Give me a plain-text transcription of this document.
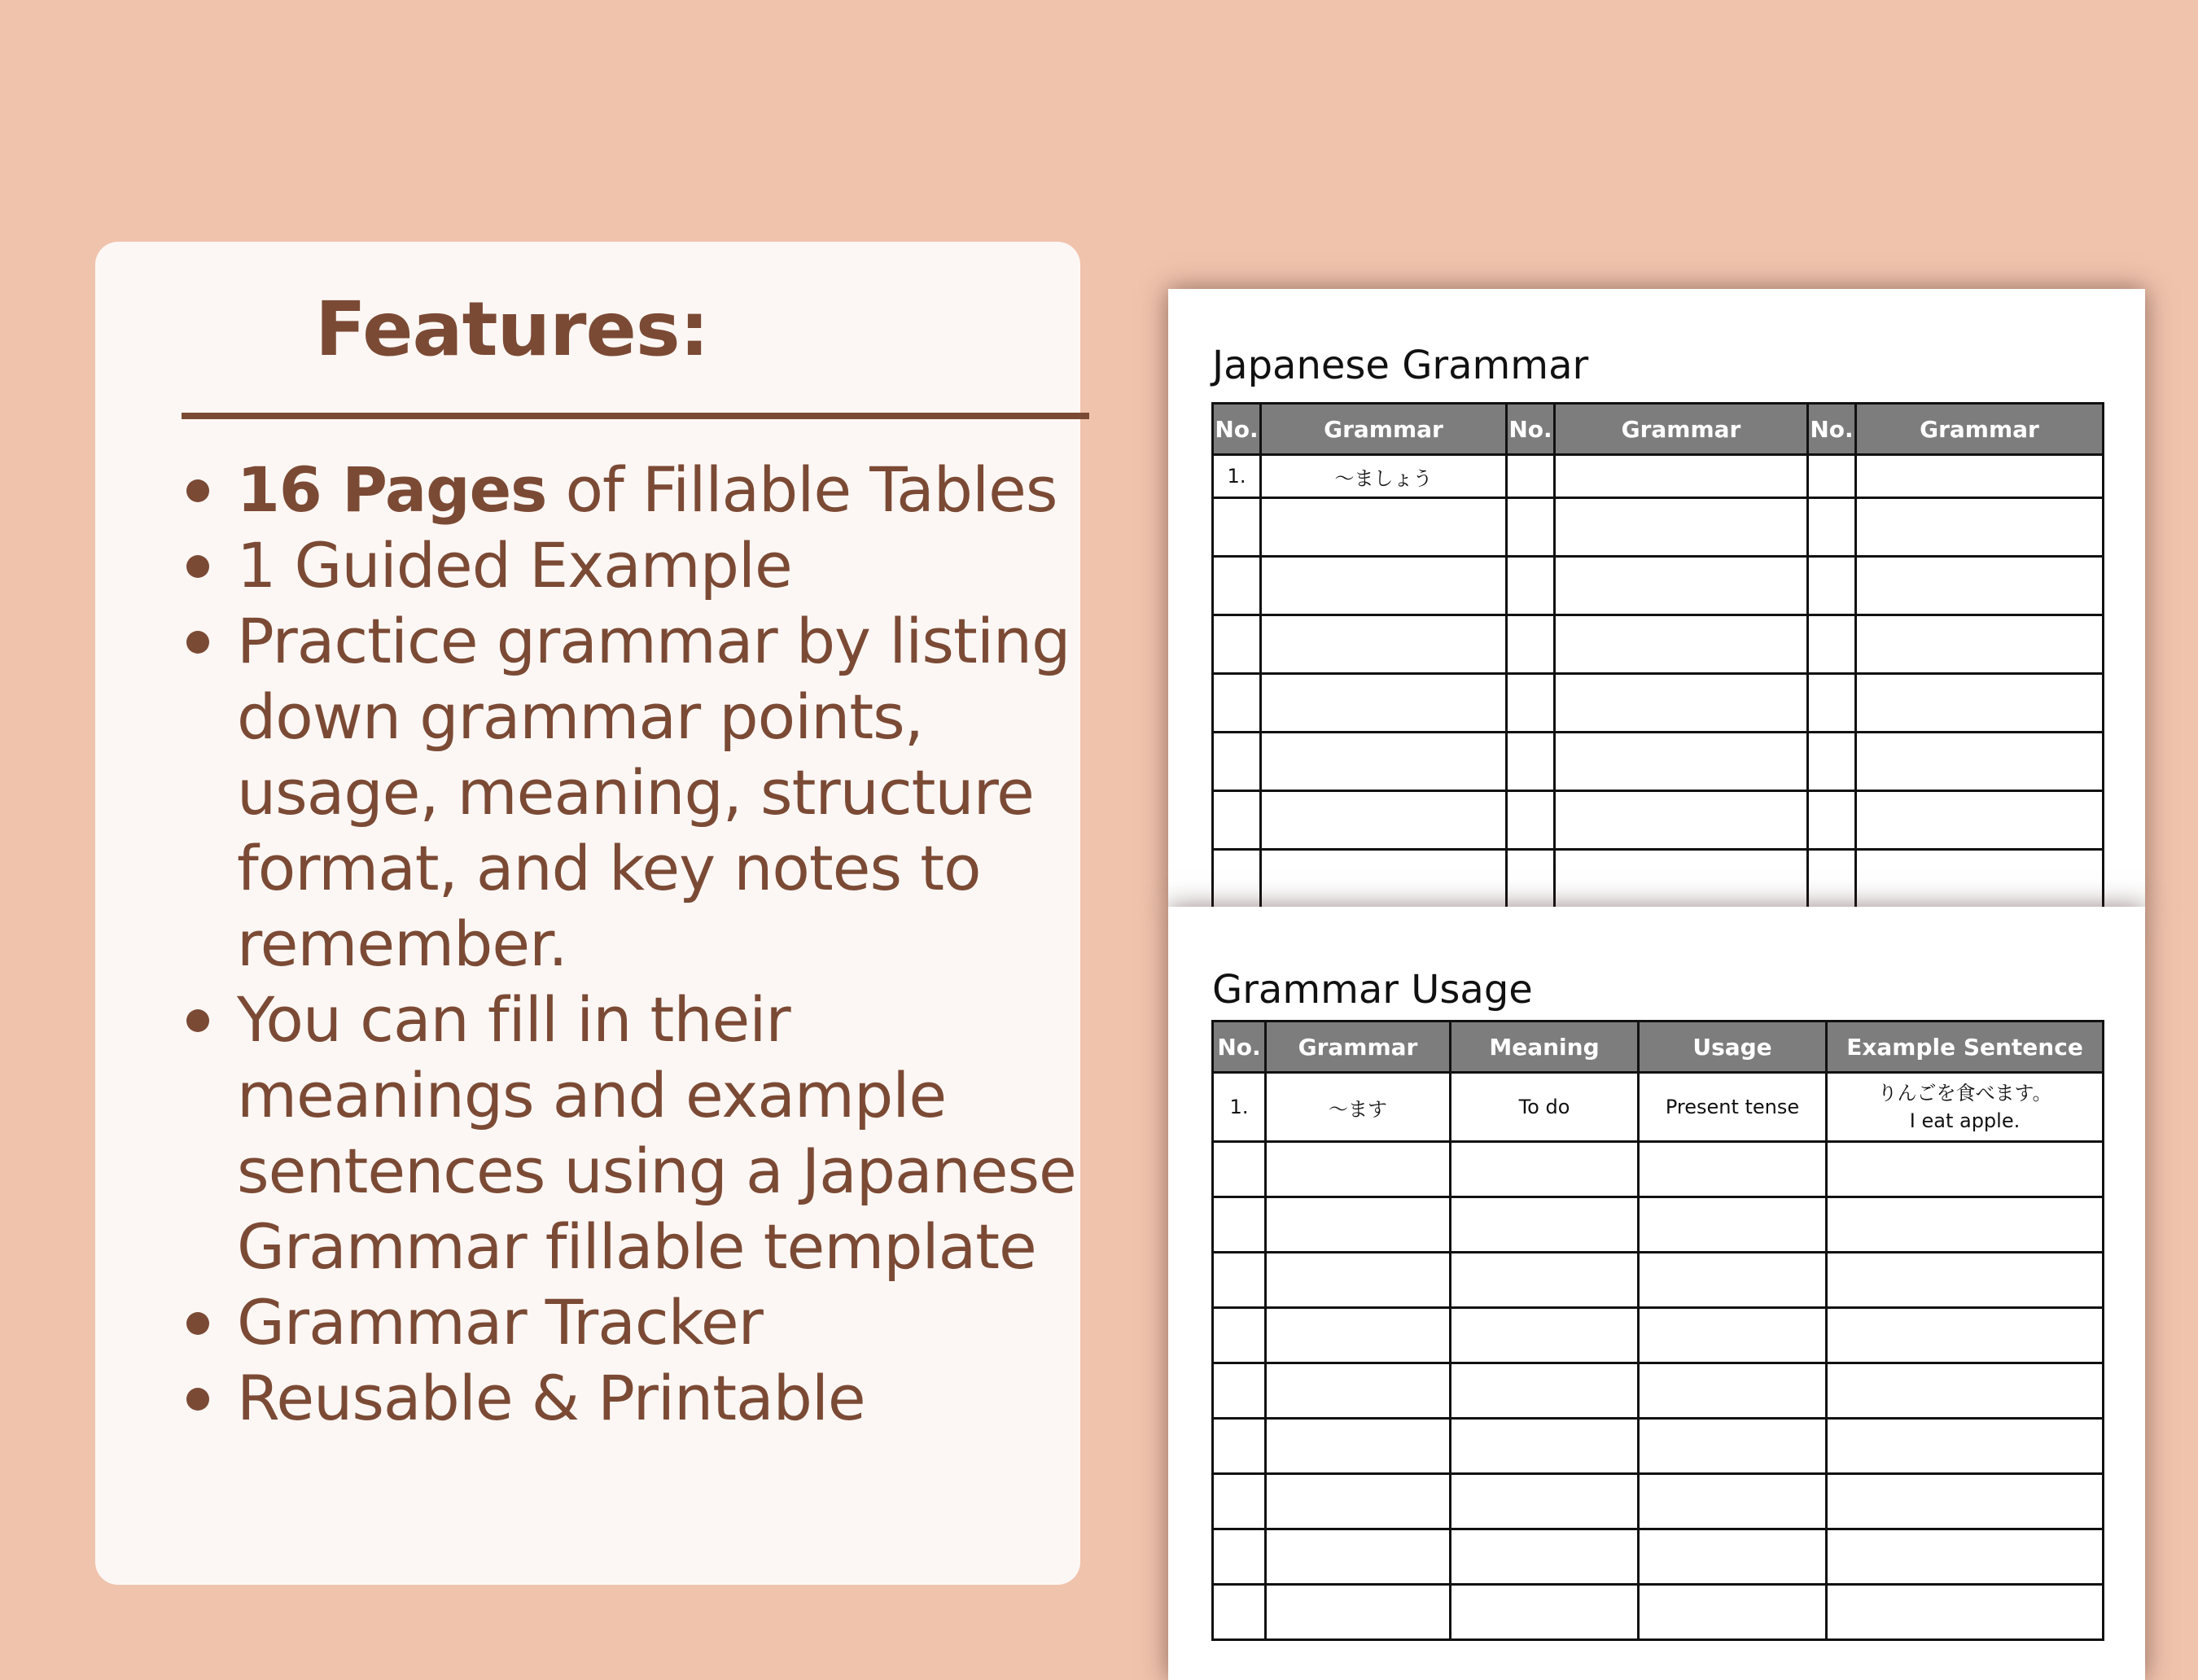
Features:
16 Pages of Fillable Tables
1 Guided Example
Practice grammar by listing down grammar points, usage, meaning, structure format, and key notes to remember.
You can fill in their meanings and example sentences using a Japanese Grammar fillable template
Grammar Tracker
Reusable & Printable
Japanese Grammar
No.	Grammar	No.	Grammar	No.	Grammar
1.	〜ましょう				

Grammar Usage
No.	Grammar	Meaning	Usage	Example Sentence
1.	〜ます	To do	Present tense	りんごを食べます。
I eat apple.
